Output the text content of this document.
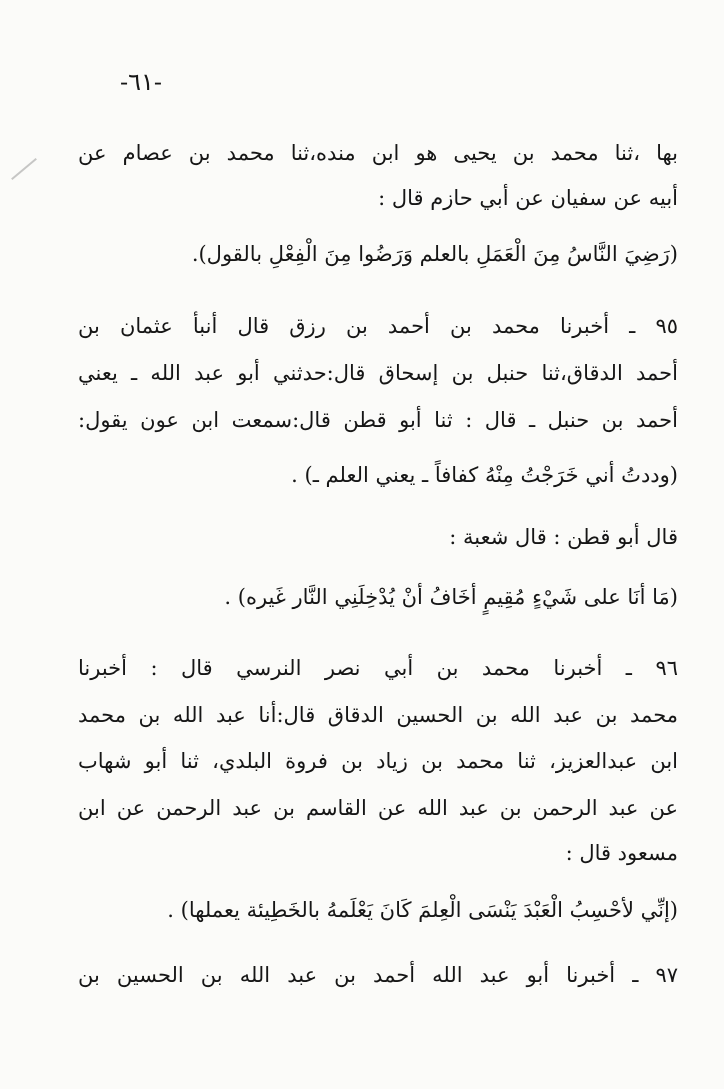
-٦١-
بها ،ثنا محمد بن يحيى هو ابن منده،ثنا محمد بن عصام عن
أبيه عن سفيان عن أبي حازم قال :
(رَضِيَ النَّاسُ مِنَ الْعَمَلِ بالعلم وَرَضُوا مِنَ الْفِعْلِ بالقول).
٩٥ ـ أخبرنا محمد بن أحمد بن رزق قال أنبأ عثمان بن
أحمد الدقاق،ثنا حنبل بن إسحاق قال:حدثني أبو عبد الله ـ يعني
أحمد بن حنبل ـ قال : ثنا أبو قطن قال:سمعت ابن عون يقول:
(وددتُ أني خَرَجْتُ مِنْهُ كفافاً ـ يعني العلم ـ) .
قال أبو قطن : قال شعبة :
(مَا أنَا على شَيْءٍ مُقِيمٍ أخَافُ أنْ يُدْخِلَنِي النَّار غَيره) .
٩٦ ـ أخبرنا محمد بن أبي نصر النرسي قال : أخبرنا
محمد بن عبد الله بن الحسين الدقاق قال:أنا عبد الله بن محمد
ابن عبدالعزيز، ثنا محمد بن زياد بن فروة البلدي، ثنا أبو شهاب
عن عبد الرحمن بن عبد الله عن القاسم بن عبد الرحمن عن ابن
مسعود قال :
(إنِّي لأحْسِبُ الْعَبْدَ يَنْسَى الْعِلمَ كَانَ يَعْلَمهُ بالخَطِيئة يعملها) .
٩٧ ـ أخبرنا أبو عبد الله أحمد بن عبد الله بن الحسين بن
